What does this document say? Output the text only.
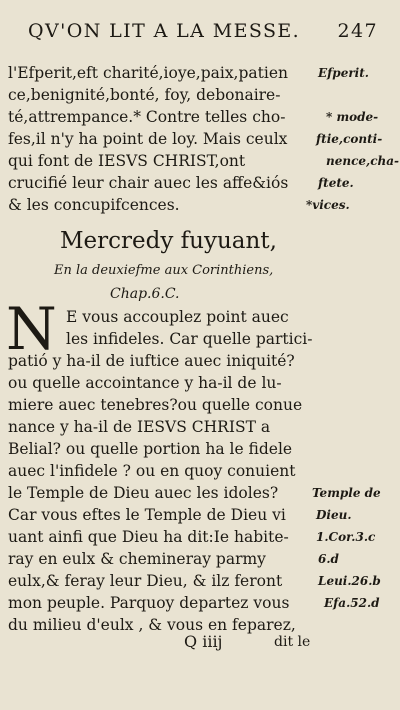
QV'ON LIT A LA MESSE. 247
l'Efperit,eft charité,ioye,paix,patien
ce,benignité,bonté, foy, debonaire-
té,attrempance.* Contre telles cho-
fes,il n'y ha point de loy. Mais ceulx
qui font de IESVS CHRIST,ont
crucifié leur chair auec les affe&iós
& les concupifcences.
Efperit.
* mode-
ftie,conti-
nence,cha-
ftete.
*vices.
Mercredy fuyuant,
En la deuxiefme aux Corinthiens,
Chap.6.C.
N E vous accouplez point auec
les infideles. Car quelle partici-
patió y ha-il de iuftice auec iniquité?
ou quelle accointance y ha-il de lu-
miere auec tenebres?ou quelle conue
nance y ha-il de IESVS CHRIST a
Belial? ou quelle portion ha le fidele
auec l'infidele ? ou en quoy conuient
le Temple de Dieu auec les idoles?
Car vous eftes le Temple de Dieu vi
uant ainfi que Dieu ha dit:Ie habite-
ray en eulx & chemineray parmy
eulx,& feray leur Dieu, & ilz feront
mon peuple. Parquoy departez vous
du milieu d'eulx , & vous en feparez,
Temple de
Dieu.
1.Cor.3.c
6.d
Leui.26.b
Efa.52.d
Q iiij	dit le
